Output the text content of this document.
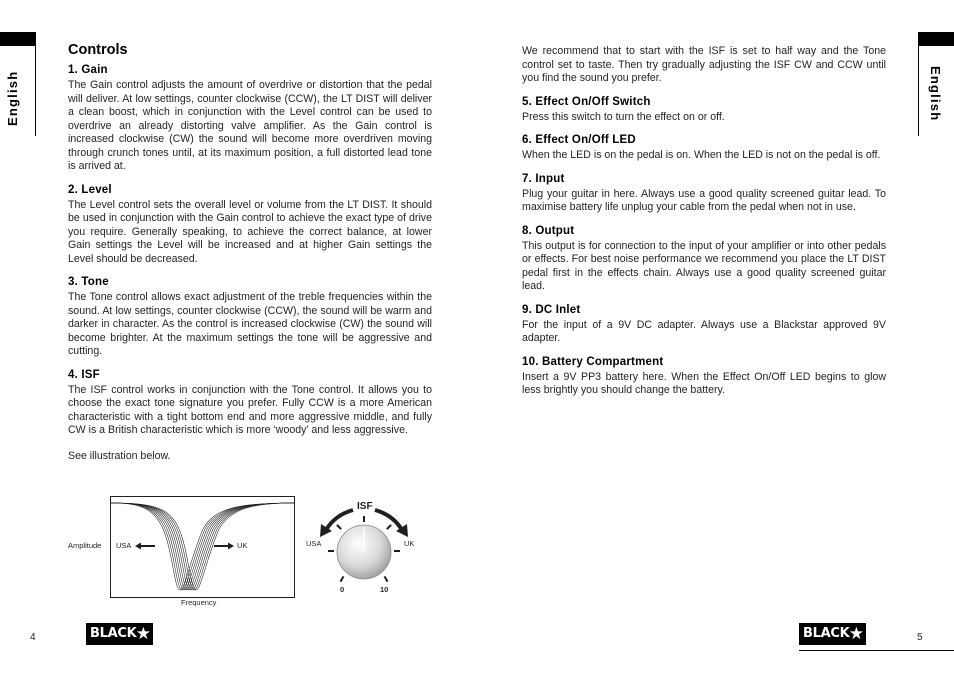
English	English
Controls
1. Gain

The Gain control adjusts the amount of overdrive or distortion that the pedal will deliver. At low settings, counter clockwise (CCW), the LT DIST will deliver a clean boost, which in conjunction with the Level control can be used to overdrive an already distorting valve amplifier. As the Gain control is increased clockwise (CW) the sound will become more overdriven moving through crunch tones until, at its maximum position, a full distorted lead tone is arrived at.

2. Level

The Level control sets the overall level or volume from the LT DIST. It should be used in conjunction with the Gain control to achieve the exact type of drive you require. Generally speaking, to achieve the correct balance, at lower Gain settings the Level will be increased and at higher Gain settings the Level should be decreased.

3. Tone

The Tone control allows exact adjustment of the treble frequencies within the sound. At low settings, counter clockwise (CCW), the sound will be warm and darker in character. As the control is increased clockwise (CW) the sound will become brighter. At the maximum settings the tone will be aggressive and cutting.

4. ISF

The ISF control works in conjunction with the Tone control. It allows you to choose the exact tone signature you prefer. Fully CCW is a more American characteristic with a tight bottom end and more aggressive middle, and fully CW is a British characteristic which is more ‘woody’ and less aggressive.

See illustration below.

Amplitude USA	UK
Frequency
ISF
USA	UK
0	10

We recommend that to start with the ISF is set to half way and the Tone control set to taste. Then try gradually adjusting the ISF CW and CCW until you find the sound you prefer.

5. Effect On/Off Switch

Press this switch to turn the effect on or off.

6. Effect On/Off LED

When the LED is on the pedal is on. When the LED is not on the pedal is off.

7. Input

Plug your guitar in here. Always use a good quality screened guitar lead. To maximise battery life unplug your cable from the pedal when not in use.

8. Output

This output is for connection to the input of your amplifier or into other pedals or effects. For best noise performance we recommend you place the LT DIST pedal first in the effects chain. Always use a good quality screened guitar lead.

9. DC Inlet

For the input of a 9V DC adapter. Always use a Blackstar approved 9V adapter.

10. Battery Compartment

Insert a 9V PP3 battery here. When the Effect On/Off LED begins to glow less brightly you should change the battery.

4	BLACK ★	BLACK ★	5
